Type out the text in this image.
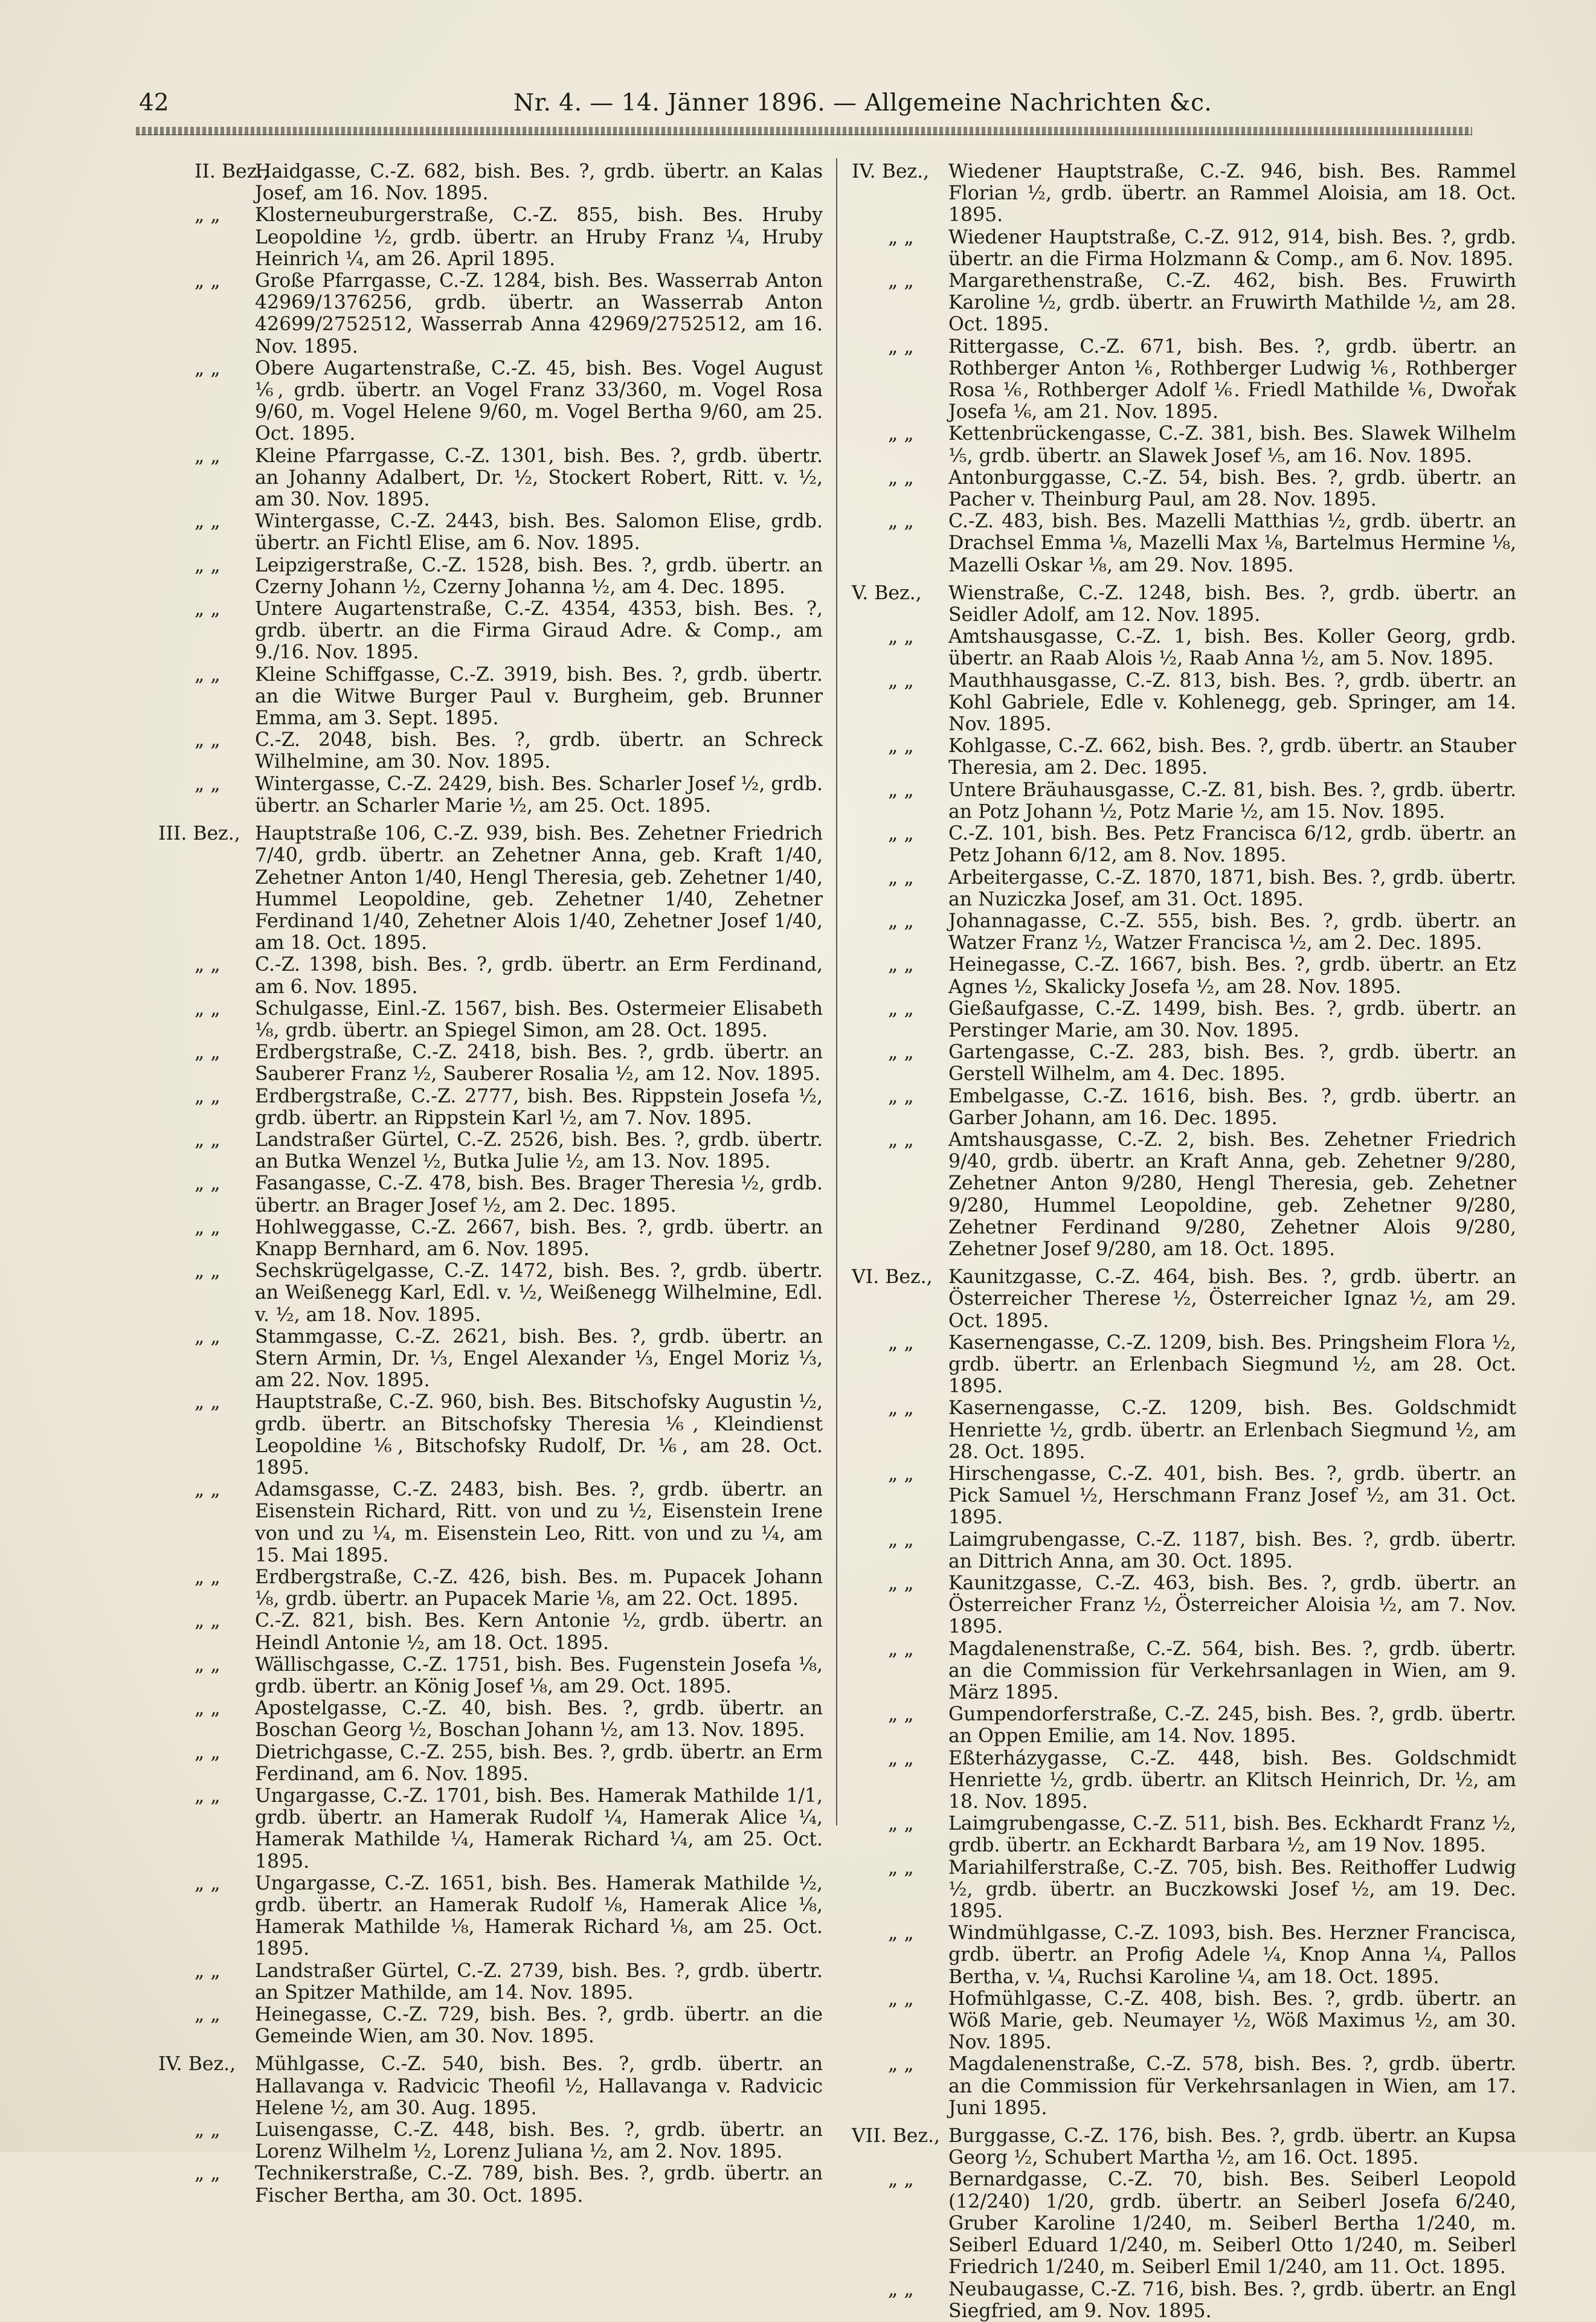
42	Nr. 4. — 14. Jänner 1896. — Allgemeine Nachrichten &c.
II. Bez.,
Haidgasse, C.-Z. 682, bish. Bes. ?, grdb. übertr. an Kalas Josef, am 16. Nov. 1895.
„ „ Klosterneuburgerstraße, C.-Z. 855, bish. Bes. Hruby Leopoldine ½, grdb. übertr. an Hruby Franz ¼, Hruby Heinrich ¼, am 26. April 1895.
„ „ Große Pfarrgasse, C.-Z. 1284, bish. Bes. Wasserrab Anton 42969/1376256, grdb. übertr. an Wasserrab Anton 42699/2752512, Wasserrab Anna 42969/2752512, am 16. Nov. 1895.
„ „ Obere Augartenstraße, C.-Z. 45, bish. Bes. Vogel August ⅙, grdb. übertr. an Vogel Franz 33/360, m. Vogel Rosa 9/60, m. Vogel Helene 9/60, m. Vogel Bertha 9/60, am 25. Oct. 1895.
„ „ Kleine Pfarrgasse, C.-Z. 1301, bish. Bes. ?, grdb. übertr. an Johanny Adalbert, Dr. ½, Stockert Robert, Ritt. v. ½, am 30. Nov. 1895.
„ „ Wintergasse, C.-Z. 2443, bish. Bes. Salomon Elise, grdb. übertr. an Fichtl Elise, am 6. Nov. 1895.
„ „ Leipzigerstraße, C.-Z. 1528, bish. Bes. ?, grdb. übertr. an Czerny Johann ½, Czerny Johanna ½, am 4. Dec. 1895.
„ „ Untere Augartenstraße, C.-Z. 4354, 4353, bish. Bes. ?, grdb. übertr. an die Firma Giraud Adre. & Comp., am 9./16. Nov. 1895.
„ „ Kleine Schiffgasse, C.-Z. 3919, bish. Bes. ?, grdb. übertr. an die Witwe Burger Paul v. Burgheim, geb. Brunner Emma, am 3. Sept. 1895.
„ „ C.-Z. 2048, bish. Bes. ?, grdb. übertr. an Schreck Wilhelmine, am 30. Nov. 1895.
„ „ Wintergasse, C.-Z. 2429, bish. Bes. Scharler Josef ½, grdb. übertr. an Scharler Marie ½, am 25. Oct. 1895.
III. Bez., Hauptstraße 106, C.-Z. 939, bish. Bes. Zehetner Friedrich 7/40, grdb. übertr. an Zehetner Anna, geb. Kraft 1/40, Zehetner Anton 1/40, Hengl Theresia, geb. Zehetner 1/40, Hummel Leopoldine, geb. Zehetner 1/40, Zehetner Ferdinand 1/40, Zehetner Alois 1/40, Zehetner Josef 1/40, am 18. Oct. 1895.
„ „ C.-Z. 1398, bish. Bes. ?, grdb. übertr. an Erm Ferdinand, am 6. Nov. 1895.
„ „ Schulgasse, Einl.-Z. 1567, bish. Bes. Ostermeier Elisabeth ⅛, grdb. übertr. an Spiegel Simon, am 28. Oct. 1895.
„ „ Erdbergstraße, C.-Z. 2418, bish. Bes. ?, grdb. übertr. an Sauberer Franz ½, Sauberer Rosalia ½, am 12. Nov. 1895.
„ „ Erdbergstraße, C.-Z. 2777, bish. Bes. Rippstein Josefa ½, grdb. übertr. an Rippstein Karl ½, am 7. Nov. 1895.
„ „ Landstraßer Gürtel, C.-Z. 2526, bish. Bes. ?, grdb. übertr. an Butka Wenzel ½, Butka Julie ½, am 13. Nov. 1895.
„ „ Fasangasse, C.-Z. 478, bish. Bes. Brager Theresia ½, grdb. übertr. an Brager Josef ½, am 2. Dec. 1895.
„ „ Hohlweggasse, C.-Z. 2667, bish. Bes. ?, grdb. übertr. an Knapp Bernhard, am 6. Nov. 1895.
„ „ Sechskrügelgasse, C.-Z. 1472, bish. Bes. ?, grdb. übertr. an Weißenegg Karl, Edl. v. ½, Weißenegg Wilhelmine, Edl. v. ½, am 18. Nov. 1895.
„ „ Stammgasse, C.-Z. 2621, bish. Bes. ?, grdb. übertr. an Stern Armin, Dr. ⅓, Engel Alexander ⅓, Engel Moriz ⅓, am 22. Nov. 1895.
„ „ Hauptstraße, C.-Z. 960, bish. Bes. Bitschofsky Augustin ½, grdb. übertr. an Bitschofsky Theresia ⅙, Kleindienst Leopoldine ⅙, Bitschofsky Rudolf, Dr. ⅙, am 28. Oct. 1895.
„ „ Adamsgasse, C.-Z. 2483, bish. Bes. ?, grdb. übertr. an Eisenstein Richard, Ritt. von und zu ½, Eisenstein Irene von und zu ¼, m. Eisenstein Leo, Ritt. von und zu ¼, am 15. Mai 1895.
„ „ Erdbergstraße, C.-Z. 426, bish. Bes. m. Pupacek Johann ⅛, grdb. übertr. an Pupacek Marie ⅛, am 22. Oct. 1895.
„ „ C.-Z. 821, bish. Bes. Kern Antonie ½, grdb. übertr. an Heindl Antonie ½, am 18. Oct. 1895.
„ „ Wällischgasse, C.-Z. 1751, bish. Bes. Fugenstein Josefa ⅛, grdb. übertr. an König Josef ⅛, am 29. Oct. 1895.
„ „ Apostelgasse, C.-Z. 40, bish. Bes. ?, grdb. übertr. an Boschan Georg ½, Boschan Johann ½, am 13. Nov. 1895.
„ „ Dietrichgasse, C.-Z. 255, bish. Bes. ?, grdb. übertr. an Erm Ferdinand, am 6. Nov. 1895.
„ „ Ungargasse, C.-Z. 1701, bish. Bes. Hamerak Mathilde 1/1, grdb. übertr. an Hamerak Rudolf ¼, Hamerak Alice ¼, Hamerak Mathilde ¼, Hamerak Richard ¼, am 25. Oct. 1895.
„ „ Ungargasse, C.-Z. 1651, bish. Bes. Hamerak Mathilde ½, grdb. übertr. an Hamerak Rudolf ⅛, Hamerak Alice ⅛, Hamerak Mathilde ⅛, Hamerak Richard ⅛, am 25. Oct. 1895.
„ „ Landstraßer Gürtel, C.-Z. 2739, bish. Bes. ?, grdb. übertr. an Spitzer Mathilde, am 14. Nov. 1895.
„ „ Heinegasse, C.-Z. 729, bish. Bes. ?, grdb. übertr. an die Gemeinde Wien, am 30. Nov. 1895.
IV. Bez., Mühlgasse, C.-Z. 540, bish. Bes. ?, grdb. übertr. an Hallavanga v. Radvicic Theofil ½, Hallavanga v. Radvicic Helene ½, am 30. Aug. 1895.
„ „ Luisengasse, C.-Z. 448, bish. Bes. ?, grdb. übertr. an Lorenz Wilhelm ½, Lorenz Juliana ½, am 2. Nov. 1895.
„ „ Technikerstraße, C.-Z. 789, bish. Bes. ?, grdb. übertr. an Fischer Bertha, am 30. Oct. 1895.
IV. Bez., Wiedener Hauptstraße, C.-Z. 946, bish. Bes. Rammel Florian ½, grdb. übertr. an Rammel Aloisia, am 18. Oct. 1895.
„ „ Wiedener Hauptstraße, C.-Z. 912, 914, bish. Bes. ?, grdb. übertr. an die Firma Holzmann & Comp., am 6. Nov. 1895.
„ „ Margarethenstraße, C.-Z. 462, bish. Bes. Fruwirth Karoline ½, grdb. übertr. an Fruwirth Mathilde ½, am 28. Oct. 1895.
„ „ Rittergasse, C.-Z. 671, bish. Bes. ?, grdb. übertr. an Rothberger Anton ⅙, Rothberger Ludwig ⅙, Rothberger Rosa ⅙, Rothberger Adolf ⅙. Friedl Mathilde ⅙, Dwořak Josefa ⅙, am 21. Nov. 1895.
„ „ Kettenbrückengasse, C.-Z. 381, bish. Bes. Slawek Wilhelm ⅕, grdb. übertr. an Slawek Josef ⅕, am 16. Nov. 1895.
„ „ Antonburggasse, C.-Z. 54, bish. Bes. ?, grdb. übertr. an Pacher v. Theinburg Paul, am 28. Nov. 1895.
„ „ C.-Z. 483, bish. Bes. Mazelli Matthias ½, grdb. übertr. an Drachsel Emma ⅛, Mazelli Max ⅛, Bartelmus Hermine ⅛, Mazelli Oskar ⅛, am 29. Nov. 1895.
V. Bez., Wienstraße, C.-Z. 1248, bish. Bes. ?, grdb. übertr. an Seidler Adolf, am 12. Nov. 1895.
„ „ Amtshausgasse, C.-Z. 1, bish. Bes. Koller Georg, grdb. übertr. an Raab Alois ½, Raab Anna ½, am 5. Nov. 1895.
„ „ Mauthhausgasse, C.-Z. 813, bish. Bes. ?, grdb. übertr. an Kohl Gabriele, Edle v. Kohlenegg, geb. Springer, am 14. Nov. 1895.
„ „ Kohlgasse, C.-Z. 662, bish. Bes. ?, grdb. übertr. an Stauber Theresia, am 2. Dec. 1895.
„ „ Untere Bräuhausgasse, C.-Z. 81, bish. Bes. ?, grdb. übertr. an Potz Johann ½, Potz Marie ½, am 15. Nov. 1895.
„ „ C.-Z. 101, bish. Bes. Petz Francisca 6/12, grdb. übertr. an Petz Johann 6/12, am 8. Nov. 1895.
„ „ Arbeitergasse, C.-Z. 1870, 1871, bish. Bes. ?, grdb. übertr. an Nuziczka Josef, am 31. Oct. 1895.
„ „ Johannagasse, C.-Z. 555, bish. Bes. ?, grdb. übertr. an Watzer Franz ½, Watzer Francisca ½, am 2. Dec. 1895.
„ „ Heinegasse, C.-Z. 1667, bish. Bes. ?, grdb. übertr. an Etz Agnes ½, Skalicky Josefa ½, am 28. Nov. 1895.
„ „ Gießaufgasse, C.-Z. 1499, bish. Bes. ?, grdb. übertr. an Perstinger Marie, am 30. Nov. 1895.
„ „ Gartengasse, C.-Z. 283, bish. Bes. ?, grdb. übertr. an Gerstell Wilhelm, am 4. Dec. 1895.
„ „ Embelgasse, C.-Z. 1616, bish. Bes. ?, grdb. übertr. an Garber Johann, am 16. Dec. 1895.
„ „ Amtshausgasse, C.-Z. 2, bish. Bes. Zehetner Friedrich 9/40, grdb. übertr. an Kraft Anna, geb. Zehetner 9/280, Zehetner Anton 9/280, Hengl Theresia, geb. Zehetner 9/280, Hummel Leopoldine, geb. Zehetner 9/280, Zehetner Ferdinand 9/280, Zehetner Alois 9/280, Zehetner Josef 9/280, am 18. Oct. 1895.
VI. Bez., Kaunitzgasse, C.-Z. 464, bish. Bes. ?, grdb. übertr. an Österreicher Therese ½, Österreicher Ignaz ½, am 29. Oct. 1895.
„ „ Kasernengasse, C.-Z. 1209, bish. Bes. Pringsheim Flora ½, grdb. übertr. an Erlenbach Siegmund ½, am 28. Oct. 1895.
„ „ Kasernengasse, C.-Z. 1209, bish. Bes. Goldschmidt Henriette ½, grdb. übertr. an Erlenbach Siegmund ½, am 28. Oct. 1895.
„ „ Hirschengasse, C.-Z. 401, bish. Bes. ?, grdb. übertr. an Pick Samuel ½, Herschmann Franz Josef ½, am 31. Oct. 1895.
„ „ Laimgrubengasse, C.-Z. 1187, bish. Bes. ?, grdb. übertr. an Dittrich Anna, am 30. Oct. 1895.
„ „ Kaunitzgasse, C.-Z. 463, bish. Bes. ?, grdb. übertr. an Österreicher Franz ½, Österreicher Aloisia ½, am 7. Nov. 1895.
„ „ Magdalenenstraße, C.-Z. 564, bish. Bes. ?, grdb. übertr. an die Commission für Verkehrsanlagen in Wien, am 9. März 1895.
„ „ Gumpendorferstraße, C.-Z. 245, bish. Bes. ?, grdb. übertr. an Oppen Emilie, am 14. Nov. 1895.
„ „ Eßterházygasse, C.-Z. 448, bish. Bes. Goldschmidt Henriette ½, grdb. übertr. an Klitsch Heinrich, Dr. ½, am 18. Nov. 1895.
„ „ Laimgrubengasse, C.-Z. 511, bish. Bes. Eckhardt Franz ½, grdb. übertr. an Eckhardt Barbara ½, am 19 Nov. 1895.
„ „ Mariahilferstraße, C.-Z. 705, bish. Bes. Reithoffer Ludwig ½, grdb. übertr. an Buczkowski Josef ½, am 19. Dec. 1895.
„ „ Windmühlgasse, C.-Z. 1093, bish. Bes. Herzner Francisca, grdb. übertr. an Profig Adele ¼, Knop Anna ¼, Pallos Bertha, v. ¼, Ruchsi Karoline ¼, am 18. Oct. 1895.
„ „ Hofmühlgasse, C.-Z. 408, bish. Bes. ?, grdb. übertr. an Wöß Marie, geb. Neumayer ½, Wöß Maximus ½, am 30. Nov. 1895.
„ „ Magdalenenstraße, C.-Z. 578, bish. Bes. ?, grdb. übertr. an die Commission für Verkehrsanlagen in Wien, am 17. Juni 1895.
VII. Bez., Burggasse, C.-Z. 176, bish. Bes. ?, grdb. übertr. an Kupsa Georg ½, Schubert Martha ½, am 16. Oct. 1895.
„ „ Bernardgasse, C.-Z. 70, bish. Bes. Seiberl Leopold (12/240) 1/20, grdb. übertr. an Seiberl Josefa 6/240, Gruber Karoline 1/240, m. Seiberl Bertha 1/240, m. Seiberl Eduard 1/240, m. Seiberl Otto 1/240, m. Seiberl Friedrich 1/240, m. Seiberl Emil 1/240, am 11. Oct. 1895.
„ „ Neubaugasse, C.-Z. 716, bish. Bes. ?, grdb. übertr. an Engl Siegfried, am 9. Nov. 1895.
